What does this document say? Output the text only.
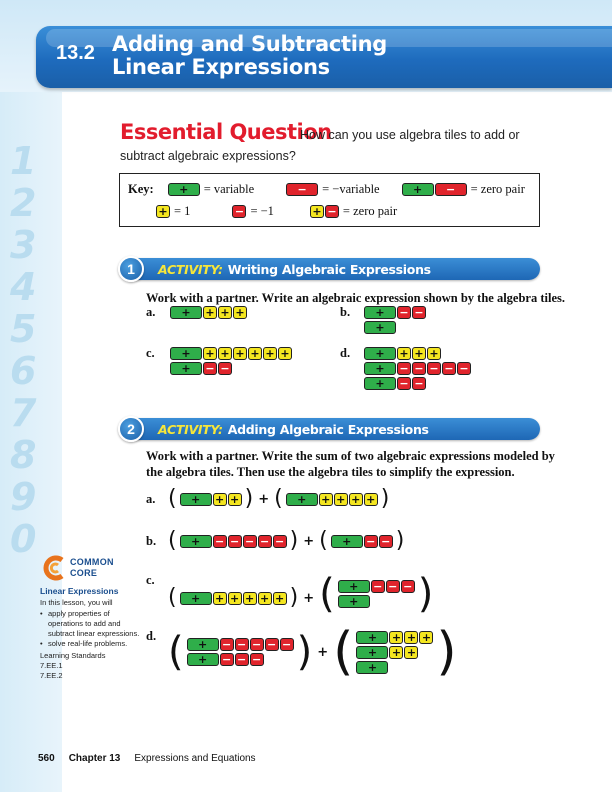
1
2
3
4
5
6
7
8
9
0
13.2 Adding and Subtracting
Linear Expressions
Essential Question
How can you use algebra tiles to add or subtract algebraic expressions?
Key:	+	= variable	−	= −variable	+	−	= zero pair
+ = 1	− = −1	+ − = zero pair
1	ACTIVITY: Writing Algebraic Expressions
Work with a partner. Write an algebraic expression shown by the algebra tiles.
a.	+	+ + +	b.	+	− −
+
c.	+	+ + + + + +
+	− −
d.	+	+ + +
+	− − − − −
+	− −
2	ACTIVITY: Adding Algebraic Expressions
Work with a partner. Write the sum of two algebraic expressions modeled by
the algebra tiles. Then use the algebra tiles to simplify the expression.
a. (	+	+ + ) + (	+	+ + + + )
b. (	+	− − − − − ) + (	+	− − )
c.
(	+	+ + + + + ) + (	+	− − −
+ )
d. (	+	− − − − −
+	− − − ) + (	+	+ + +
+	+ +
+ )
COMMON
CORE
Linear Expressions
In this lesson, you will
• apply properties of operations to add and subtract linear expressions.
• solve real-life problems.
Learning Standards
7.EE.1
7.EE.2
560 Chapter 13 Expressions and Equations
